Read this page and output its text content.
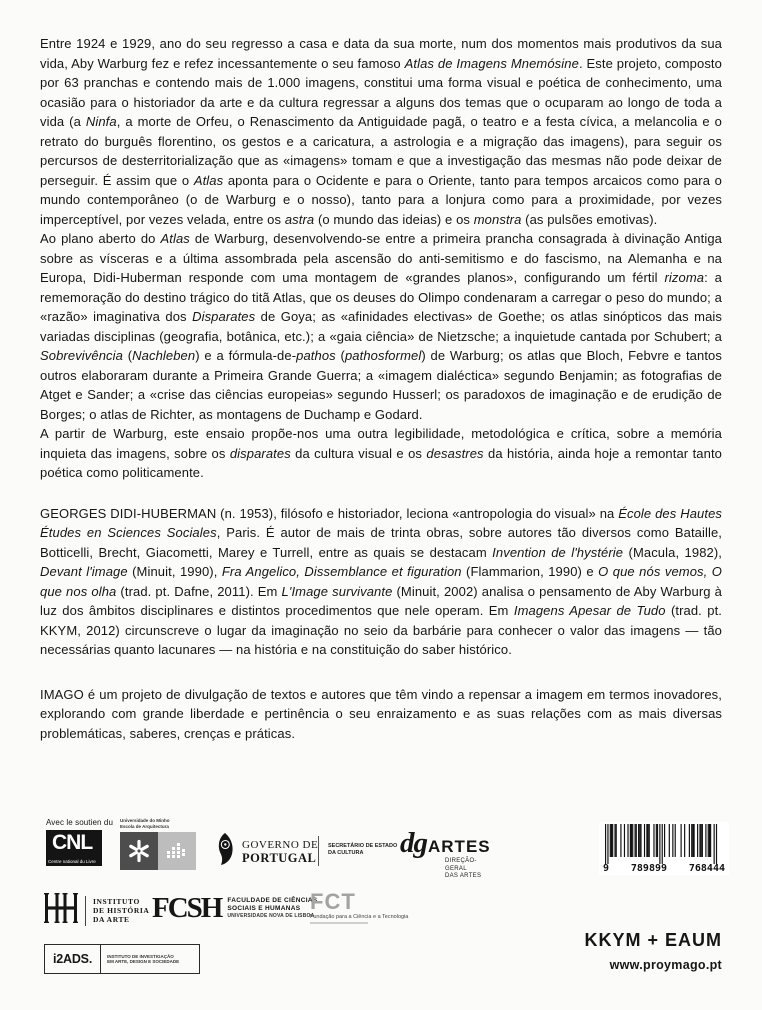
Entre 1924 e 1929, ano do seu regresso a casa e data da sua morte, num dos momentos mais produtivos da sua vida, Aby Warburg fez e refez incessantemente o seu famoso Atlas de Imagens Mnemósine. Este projeto, composto por 63 pranchas e contendo mais de 1.000 imagens, constitui uma forma visual e poética de conhecimento, uma ocasião para o historiador da arte e da cultura regressar a alguns dos temas que o ocuparam ao longo de toda a vida (a Ninfa, a morte de Orfeu, o Renascimento da Antiguidade pagã, o teatro e a festa cívica, a melancolia e o retrato do burguês florentino, os gestos e a caricatura, a astrologia e a migração das imagens), para seguir os percursos de desterritorialização que as «imagens» tomam e que a investigação das mesmas não pode deixar de perseguir. É assim que o Atlas aponta para o Ocidente e para o Oriente, tanto para tempos arcaicos como para o mundo contemporâneo (o de Warburg e o nosso), tanto para a lonjura como para a proximidade, por vezes imperceptível, por vezes velada, entre os astra (o mundo das ideias) e os monstra (as pulsões emotivas).

Ao plano aberto do Atlas de Warburg, desenvolvendo-se entre a primeira prancha consagrada à divinação Antiga sobre as vísceras e a última assombrada pela ascensão do anti-semitismo e do fascismo, na Alemanha e na Europa, Didi-Huberman responde com uma montagem de «grandes planos», configurando um fértil rizoma: a rememoração do destino trágico do titã Atlas, que os deuses do Olimpo condenaram a carregar o peso do mundo; a «razão» imaginativa dos Disparates de Goya; as «afinidades electivas» de Goethe; os atlas sinópticos das mais variadas disciplinas (geografia, botânica, etc.); a «gaia ciência» de Nietzsche; a inquietude cantada por Schubert; a Sobrevivência (Nachleben) e a fórmula-de-pathos (pathosformel) de Warburg; os atlas que Bloch, Febvre e tantos outros elaboraram durante a Primeira Grande Guerra; a «imagem dialéctica» segundo Benjamin; as fotografias de Atget e Sander; a «crise das ciências europeias» segundo Husserl; os paradoxos de imaginação e de erudição de Borges; o atlas de Richter, as montagens de Duchamp e Godard.

A partir de Warburg, este ensaio propõe-nos uma outra legibilidade, metodológica e crítica, sobre a memória inquieta das imagens, sobre os disparates da cultura visual e os desastres da história, ainda hoje a remontar tanto poética como politicamente.

GEORGES DIDI-HUBERMAN (n. 1953), filósofo e historiador, leciona «antropologia do visual» na École des Hautes Études en Sciences Sociales, Paris. É autor de mais de trinta obras, sobre autores tão diversos como Bataille, Botticelli, Brecht, Giacometti, Marey e Turrell, entre as quais se destacam Invention de l'hystérie (Macula, 1982), Devant l'image (Minuit, 1990), Fra Angelico, Dissemblance et figuration (Flammarion, 1990) e O que nós vemos, O que nos olha (trad. pt. Dafne, 2011). Em L'Image survivante (Minuit, 2002) analisa o pensamento de Aby Warburg à luz dos âmbitos disciplinares e distintos procedimentos que nele operam. Em Imagens Apesar de Tudo (trad. pt. KKYM, 2012) circunscreve o lugar da imaginação no seio da barbárie para conhecer o valor das imagens — tão necessárias quanto lacunares — na história e na constituição do saber histórico.

IMAGO é um projeto de divulgação de textos e autores que têm vindo a repensar a imagem em termos inovadores, explorando com grande liberdade e pertinência o seu enraizamento e as suas relações com as mais diversas problemáticas, saberes, crenças e práticas.

Avec le soutien du
CNL
Centre national du Livre
Universidade do Minho
Escola de Arquitectura
GOVERNO DE
PORTUGAL
SECRETÁRIO DE ESTADO
DA CULTURA	dg ARTES
DIREÇÃO-GERAL
DAS ARTES
9 789899 768444
INSTITUTO
DE HISTÓRIA
DA ARTE FCSH FACULDADE DE CIÊNCIAS
SOCIAIS E HUMANAS
UNIVERSIDADE NOVA DE LISBOA
FCT
Fundação para a Ciência e a Tecnologia
i2ADS.	INSTITUTO DE INVESTIGAÇÃO
EM ARTE, DESIGN E SOCIEDADE
KKYM + EAUM
www.proymago.pt
